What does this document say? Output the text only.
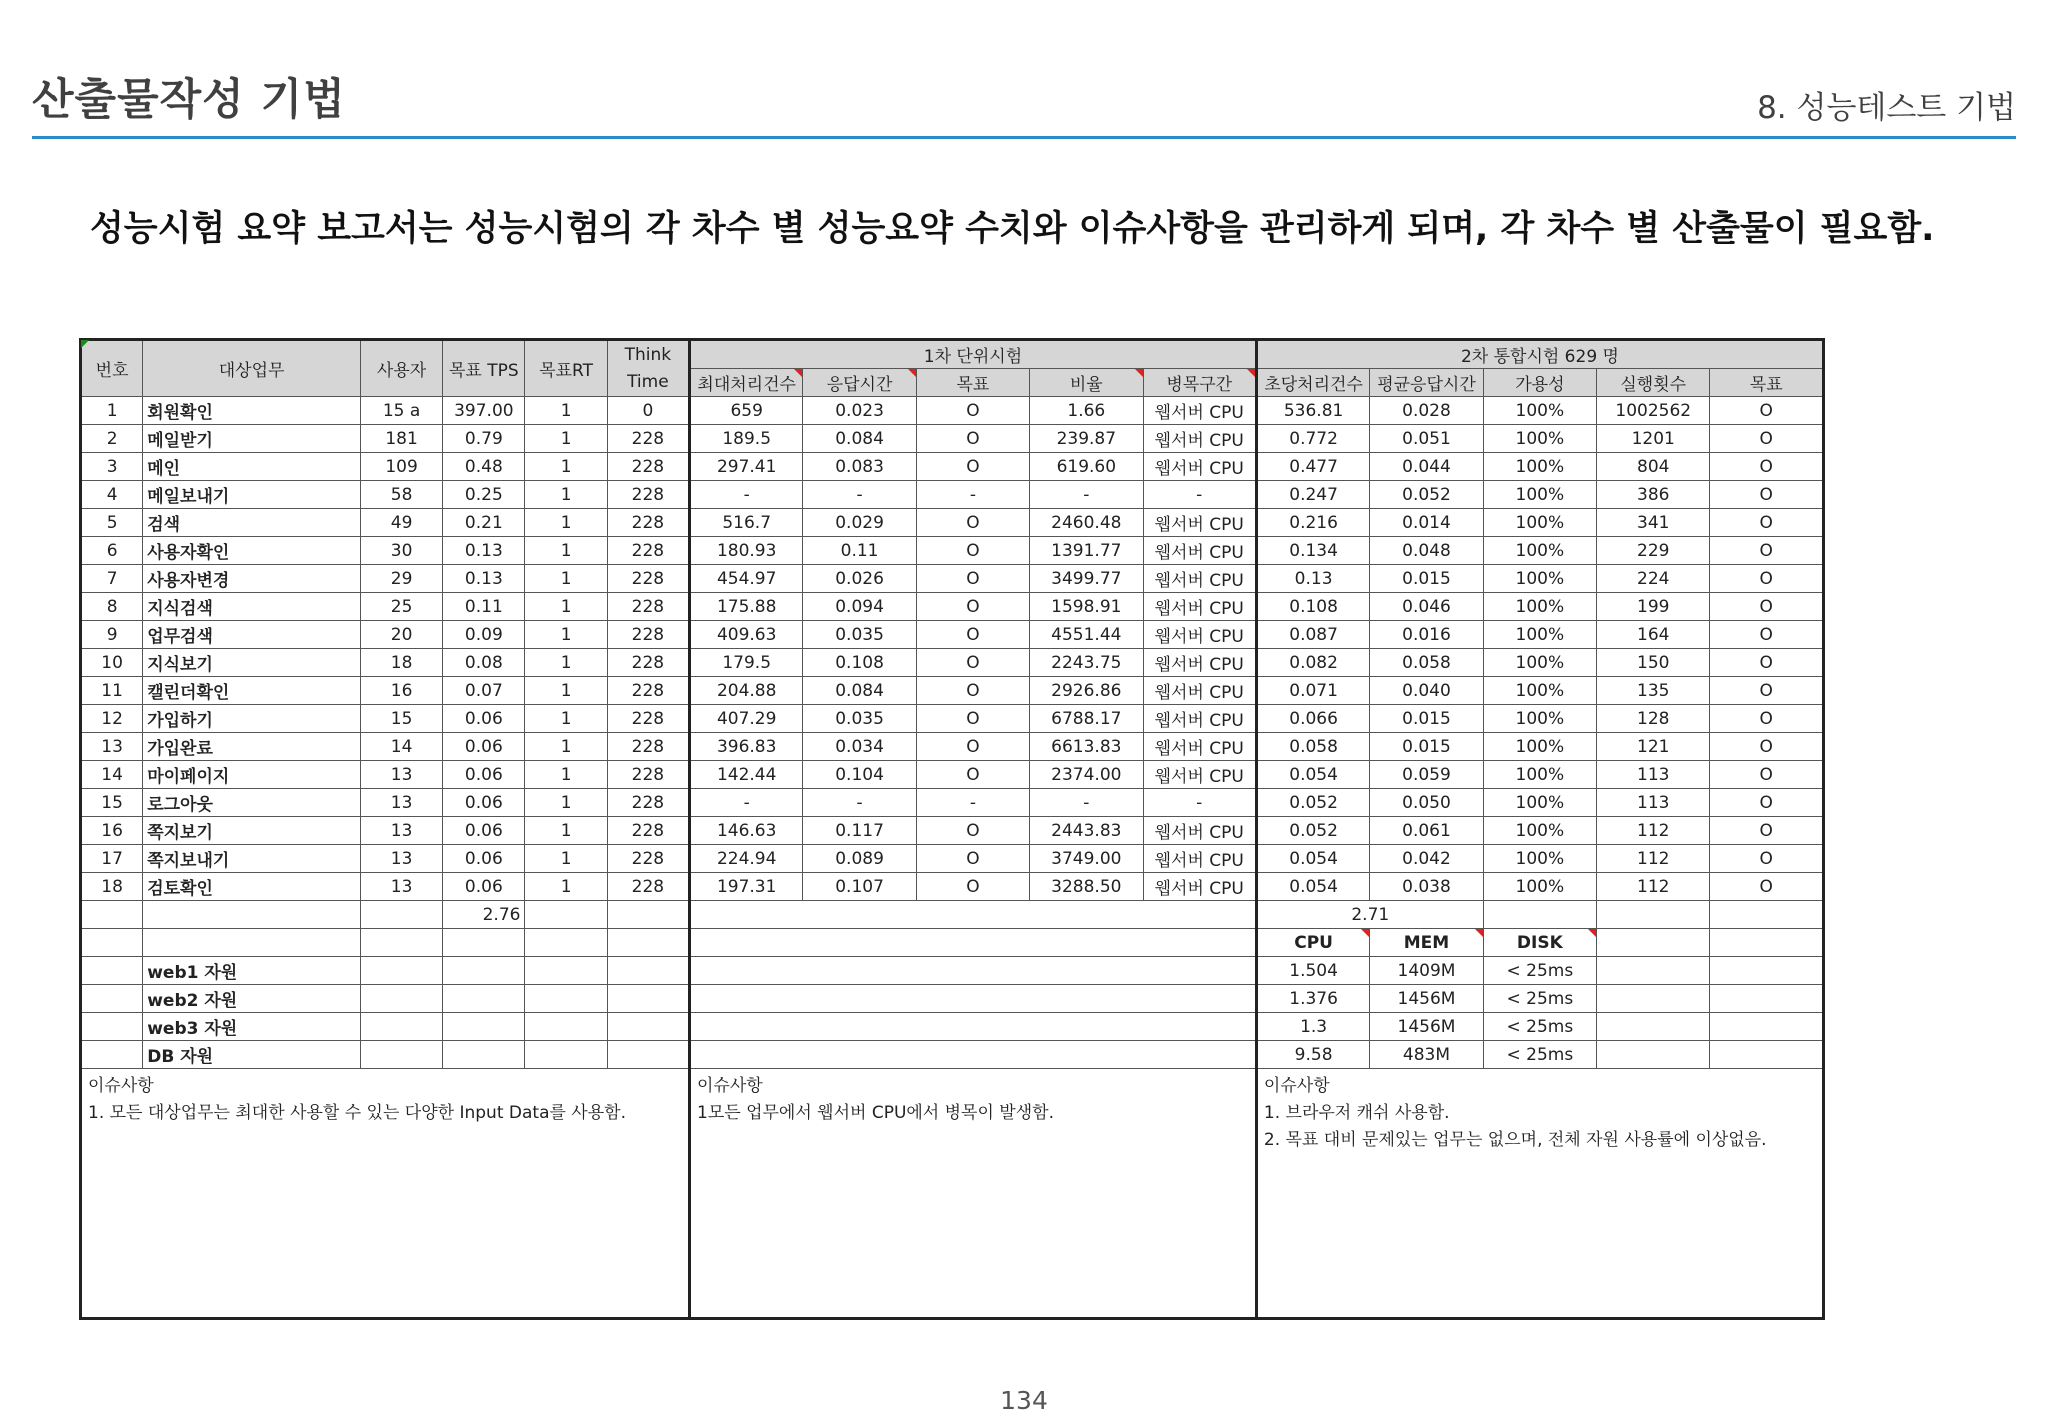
산출물작성 기법	8. 성능테스트 기법
성능시험 요약 보고서는 성능시험의 각 차수 별 성능요약 수치와 이슈사항을 관리하게 되며, 각 차수 별 산출물이 필요함.
번호	대상업무	사용자	목표 TPS	목표RT	Think	1차 단위시험					2차 통합시험 629 명				
					Time	최대처리건수	응답시간	목표	비율	병목구간	초당처리건수	평균응답시간	가용성	실행횟수	목표
1	회원확인	15 a	397.00	1	0	659	0.023	O	1.66	웹서버 CPU	536.81	0.028	100%	1002562	O
2	메일받기	181	0.79	1	228	189.5	0.084	O	239.87	웹서버 CPU	0.772	0.051	100%	1201	O
3	메인	109	0.48	1	228	297.41	0.083	O	619.60	웹서버 CPU	0.477	0.044	100%	804	O
4	메일보내기	58	0.25	1	228	-	-	-	-	-	0.247	0.052	100%	386	O
5	검색	49	0.21	1	228	516.7	0.029	O	2460.48	웹서버 CPU	0.216	0.014	100%	341	O
6	사용자확인	30	0.13	1	228	180.93	0.11	O	1391.77	웹서버 CPU	0.134	0.048	100%	229	O
7	사용자변경	29	0.13	1	228	454.97	0.026	O	3499.77	웹서버 CPU	0.13	0.015	100%	224	O
8	지식검색	25	0.11	1	228	175.88	0.094	O	1598.91	웹서버 CPU	0.108	0.046	100%	199	O
9	업무검색	20	0.09	1	228	409.63	0.035	O	4551.44	웹서버 CPU	0.087	0.016	100%	164	O
10	지식보기	18	0.08	1	228	179.5	0.108	O	2243.75	웹서버 CPU	0.082	0.058	100%	150	O
11	캘린더확인	16	0.07	1	228	204.88	0.084	O	2926.86	웹서버 CPU	0.071	0.040	100%	135	O
12	가입하기	15	0.06	1	228	407.29	0.035	O	6788.17	웹서버 CPU	0.066	0.015	100%	128	O
13	가입완료	14	0.06	1	228	396.83	0.034	O	6613.83	웹서버 CPU	0.058	0.015	100%	121	O
14	마이페이지	13	0.06	1	228	142.44	0.104	O	2374.00	웹서버 CPU	0.054	0.059	100%	113	O
15	로그아웃	13	0.06	1	228	-	-	-	-	-	0.052	0.050	100%	113	O
16	쪽지보기	13	0.06	1	228	146.63	0.117	O	2443.83	웹서버 CPU	0.052	0.061	100%	112	O
17	쪽지보내기	13	0.06	1	228	224.94	0.089	O	3749.00	웹서버 CPU	0.054	0.042	100%	112	O
18	검토확인	13	0.06	1	228	197.31	0.107	O	3288.50	웹서버 CPU	0.054	0.038	100%	112	O
			2.76								2.71				
											CPU	MEM	DISK		
	web1 자원										1.504	1409M	< 25ms		
	web2 자원										1.376	1456M	< 25ms		
	web3 자원										1.3	1456M	< 25ms		
	DB 자원										9.58	483M	< 25ms		

이슈사항
1. 모든 대상업무는 최대한 사용할 수 있는 다양한 Input Data를 사용함.						이슈사항
1모든 업무에서 웹서버 CPU에서 병목이 발생함.					이슈사항
1. 브라우저 캐쉬 사용함.
2. 목표 대비 문제있는 업무는 없으며, 전체 자원 사용률에 이상없음.				
134
